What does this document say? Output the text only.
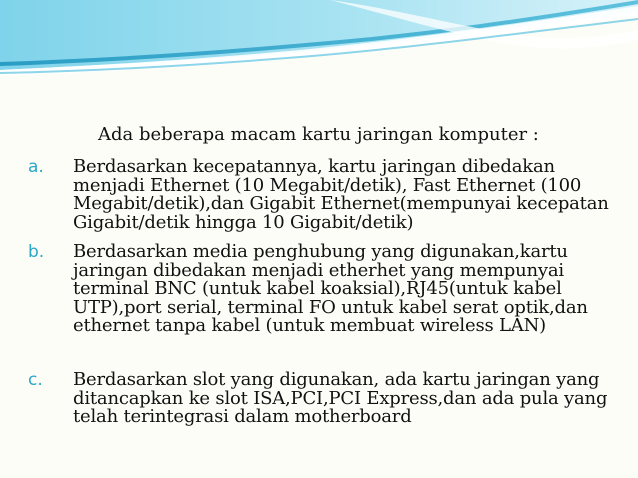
Ada beberapa macam kartu jaringan komputer :
a. Berdasarkan kecepatannya, kartu jaringan dibedakan menjadi Ethernet (10 Megabit/detik), Fast Ethernet (100 Megabit/detik),dan Gigabit Ethernet(mempunyai kecepatan Gigabit/detik hingga 10 Gigabit/detik)
b. Berdasarkan media penghubung yang digunakan,kartu jaringan dibedakan menjadi etherhet yang mempunyai terminal BNC (untuk kabel koaksial),RJ45(untuk kabel UTP),port serial, terminal FO untuk kabel serat optik,dan ethernet tanpa kabel (untuk membuat wireless LAN)
c. Berdasarkan slot yang digunakan, ada kartu jaringan yang ditancapkan ke slot ISA,PCI,PCI Express,dan ada pula yang telah terintegrasi dalam motherboard
